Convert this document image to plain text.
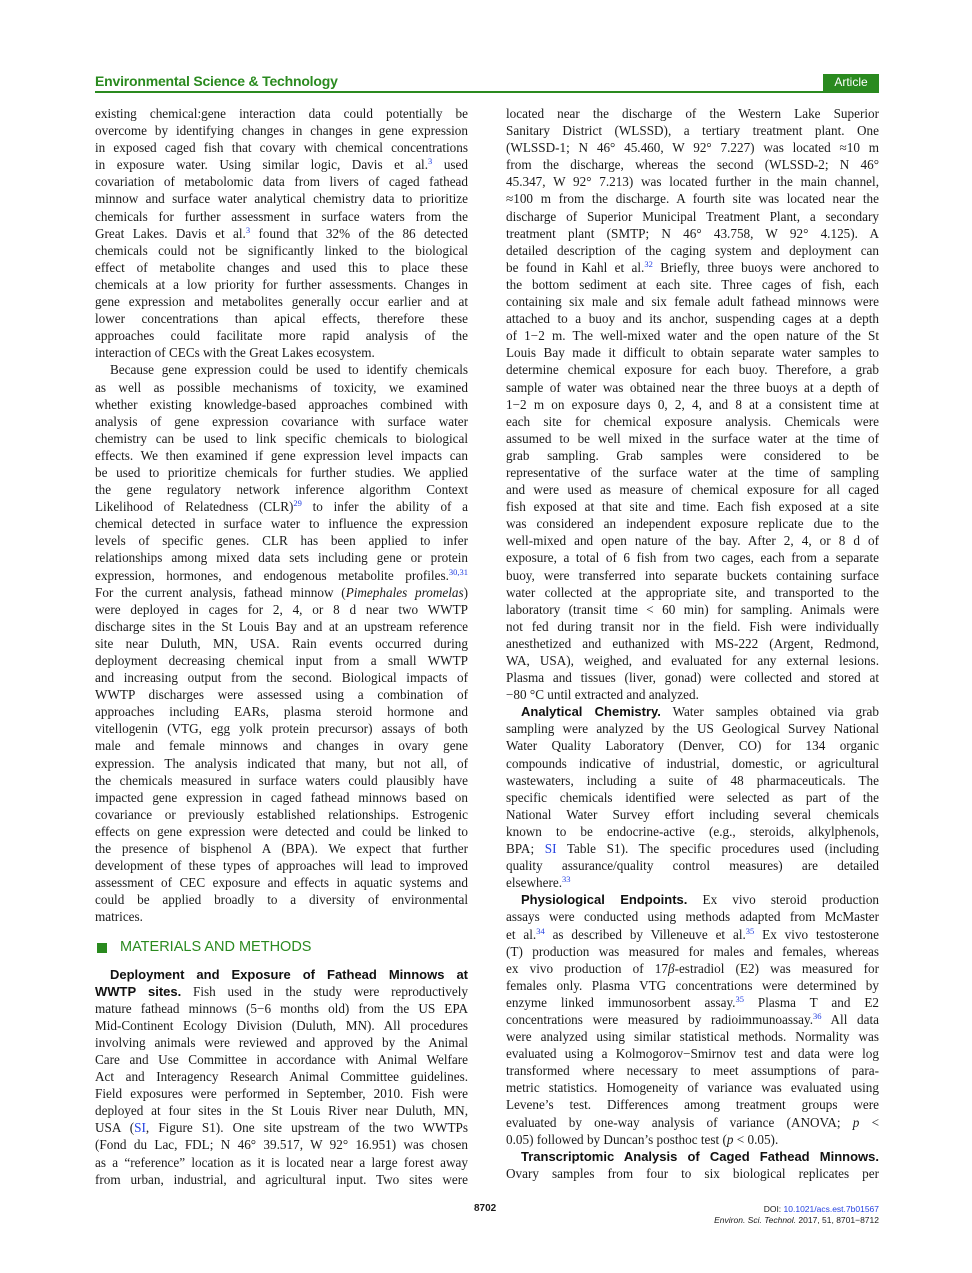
Environmental Science & Technology	Article
existing chemical:gene interaction data could potentially be
overcome by identifying changes in changes in gene expression
in exposed caged fish that covary with chemical concentrations
in exposure water. Using similar logic, Davis et al.$^3$ used
covariation of metabolomic data from livers of caged fathead
minnow and surface water analytical chemistry data to prioritize
chemicals for further assessment in surface waters from the
Great Lakes. Davis et al.$^3$ found that 32% of the 86 detected
chemicals could not be significantly linked to the biological
effect of metabolite changes and used this to place these
chemicals at a low priority for further assessments. Changes in
gene expression and metabolites generally occur earlier and at
lower concentrations than apical effects, therefore these
approaches could facilitate more rapid analysis of the
interaction of CECs with the Great Lakes ecosystem.
Because gene expression could be used to identify chemicals
as well as possible mechanisms of toxicity, we examined
whether existing knowledge-based approaches combined with
analysis of gene expression covariance with surface water
chemistry can be used to link specific chemicals to biological
effects. We then examined if gene expression level impacts can
be used to prioritize chemicals for further studies. We applied
the gene regulatory network inference algorithm Context
Likelihood of Relatedness (CLR)$^{29}$ to infer the ability of a
chemical detected in surface water to influence the expression
levels of specific genes. CLR has been applied to infer
relationships among mixed data sets including gene or protein
expression, hormones, and endogenous metabolite profiles.$^{30,31}$
For the current analysis, fathead minnow (Pimephales promelas)
were deployed in cages for 2, 4, or 8 d near two WWTP
discharge sites in the St Louis Bay and at an upstream reference
site near Duluth, MN, USA. Rain events occurred during
deployment decreasing chemical input from a small WWTP
and increasing output from the second. Biological impacts of
WWTP discharges were assessed using a combination of
approaches including EARs, plasma steroid hormone and
vitellogenin (VTG, egg yolk protein precursor) assays of both
male and female minnows and changes in ovary gene
expression. The analysis indicated that many, but not all, of
the chemicals measured in surface waters could plausibly have
impacted gene expression in caged fathead minnows based on
covariance or previously established relationships. Estrogenic
effects on gene expression were detected and could be linked to
the presence of bisphenol A (BPA). We expect that further
development of these types of approaches will lead to improved
assessment of CEC exposure and effects in aquatic systems and
could be applied broadly to a diversity of environmental
matrices.
MATERIALS AND METHODS
Deployment and Exposure of Fathead Minnows at
WWTP sites. Fish used in the study were reproductively
mature fathead minnows (5−6 months old) from the US EPA
Mid-Continent Ecology Division (Duluth, MN). All procedures
involving animals were reviewed and approved by the Animal
Care and Use Committee in accordance with Animal Welfare
Act and Interagency Research Animal Committee guidelines.
Field exposures were performed in September, 2010. Fish were
deployed at four sites in the St Louis River near Duluth, MN,
USA (SI, Figure S1). One site upstream of the two WWTPs
(Fond du Lac, FDL; N 46° 39.517, W 92° 16.951) was chosen
as a “reference” location as it is located near a large forest away
from urban, industrial, and agricultural input. Two sites were
located near the discharge of the Western Lake Superior
Sanitary District (WLSSD), a tertiary treatment plant. One
(WLSSD-1; N 46° 45.460, W 92° 7.227) was located ≈10 m
from the discharge, whereas the second (WLSSD-2; N 46°
45.347, W 92° 7.213) was located further in the main channel,
≈100 m from the discharge. A fourth site was located near the
discharge of Superior Municipal Treatment Plant, a secondary
treatment plant (SMTP; N 46° 43.758, W 92° 4.125). A
detailed description of the caging system and deployment can
be found in Kahl et al.$^{32}$ Briefly, three buoys were anchored to
the bottom sediment at each site. Three cages of fish, each
containing six male and six female adult fathead minnows were
attached to a buoy and its anchor, suspending cages at a depth
of 1−2 m. The well-mixed water and the open nature of the St
Louis Bay made it difficult to obtain separate water samples to
determine chemical exposure for each buoy. Therefore, a grab
sample of water was obtained near the three buoys at a depth of
1−2 m on exposure days 0, 2, 4, and 8 at a consistent time at
each site for chemical exposure analysis. Chemicals were
assumed to be well mixed in the surface water at the time of
grab sampling. Grab samples were considered to be
representative of the surface water at the time of sampling
and were used as measure of chemical exposure for all caged
fish exposed at that site and time. Each fish exposed at a site
was considered an independent exposure replicate due to the
well-mixed and open nature of the bay. After 2, 4, or 8 d of
exposure, a total of 6 fish from two cages, each from a separate
buoy, were transferred into separate buckets containing surface
water collected at the appropriate site, and transported to the
laboratory (transit time < 60 min) for sampling. Animals were
not fed during transit nor in the field. Fish were individually
anesthetized and euthanized with MS-222 (Argent, Redmond,
WA, USA), weighed, and evaluated for any external lesions.
Plasma and tissues (liver, gonad) were collected and stored at
−80 °C until extracted and analyzed.
Analytical Chemistry. Water samples obtained via grab
sampling were analyzed by the US Geological Survey National
Water Quality Laboratory (Denver, CO) for 134 organic
compounds indicative of industrial, domestic, or agricultural
wastewaters, including a suite of 48 pharmaceuticals. The
specific chemicals identified were selected as part of the
National Water Survey effort including several chemicals
known to be endocrine-active (e.g., steroids, alkylphenols,
BPA; SI Table S1). The specific procedures used (including
quality assurance/quality control measures) are detailed
elsewhere.$^{33}$
Physiological Endpoints. Ex vivo steroid production
assays were conducted using methods adapted from McMaster
et al.$^{34}$ as described by Villeneuve et al.$^{35}$ Ex vivo testosterone
(T) production was measured for males and females, whereas
ex vivo production of 17β-estradiol (E2) was measured for
females only. Plasma VTG concentrations were determined by
enzyme linked immunosorbent assay.$^{35}$ Plasma T and E2
concentrations were measured by radioimmunoassay.$^{36}$ All data
were analyzed using similar statistical methods. Normality was
evaluated using a Kolmogorov−Smirnov test and data were log
transformed where necessary to meet assumptions of para-
metric statistics. Homogeneity of variance was evaluated using
Levene’s test. Differences among treatment groups were
evaluated by one-way analysis of variance (ANOVA; p <
0.05) followed by Duncan’s posthoc test (p < 0.05).
Transcriptomic Analysis of Caged Fathead Minnows.
Ovary samples from four to six biological replicates per
8702	DOI: 10.1021/acs.est.7b01567
Environ. Sci. Technol. 2017, 51, 8701−8712
